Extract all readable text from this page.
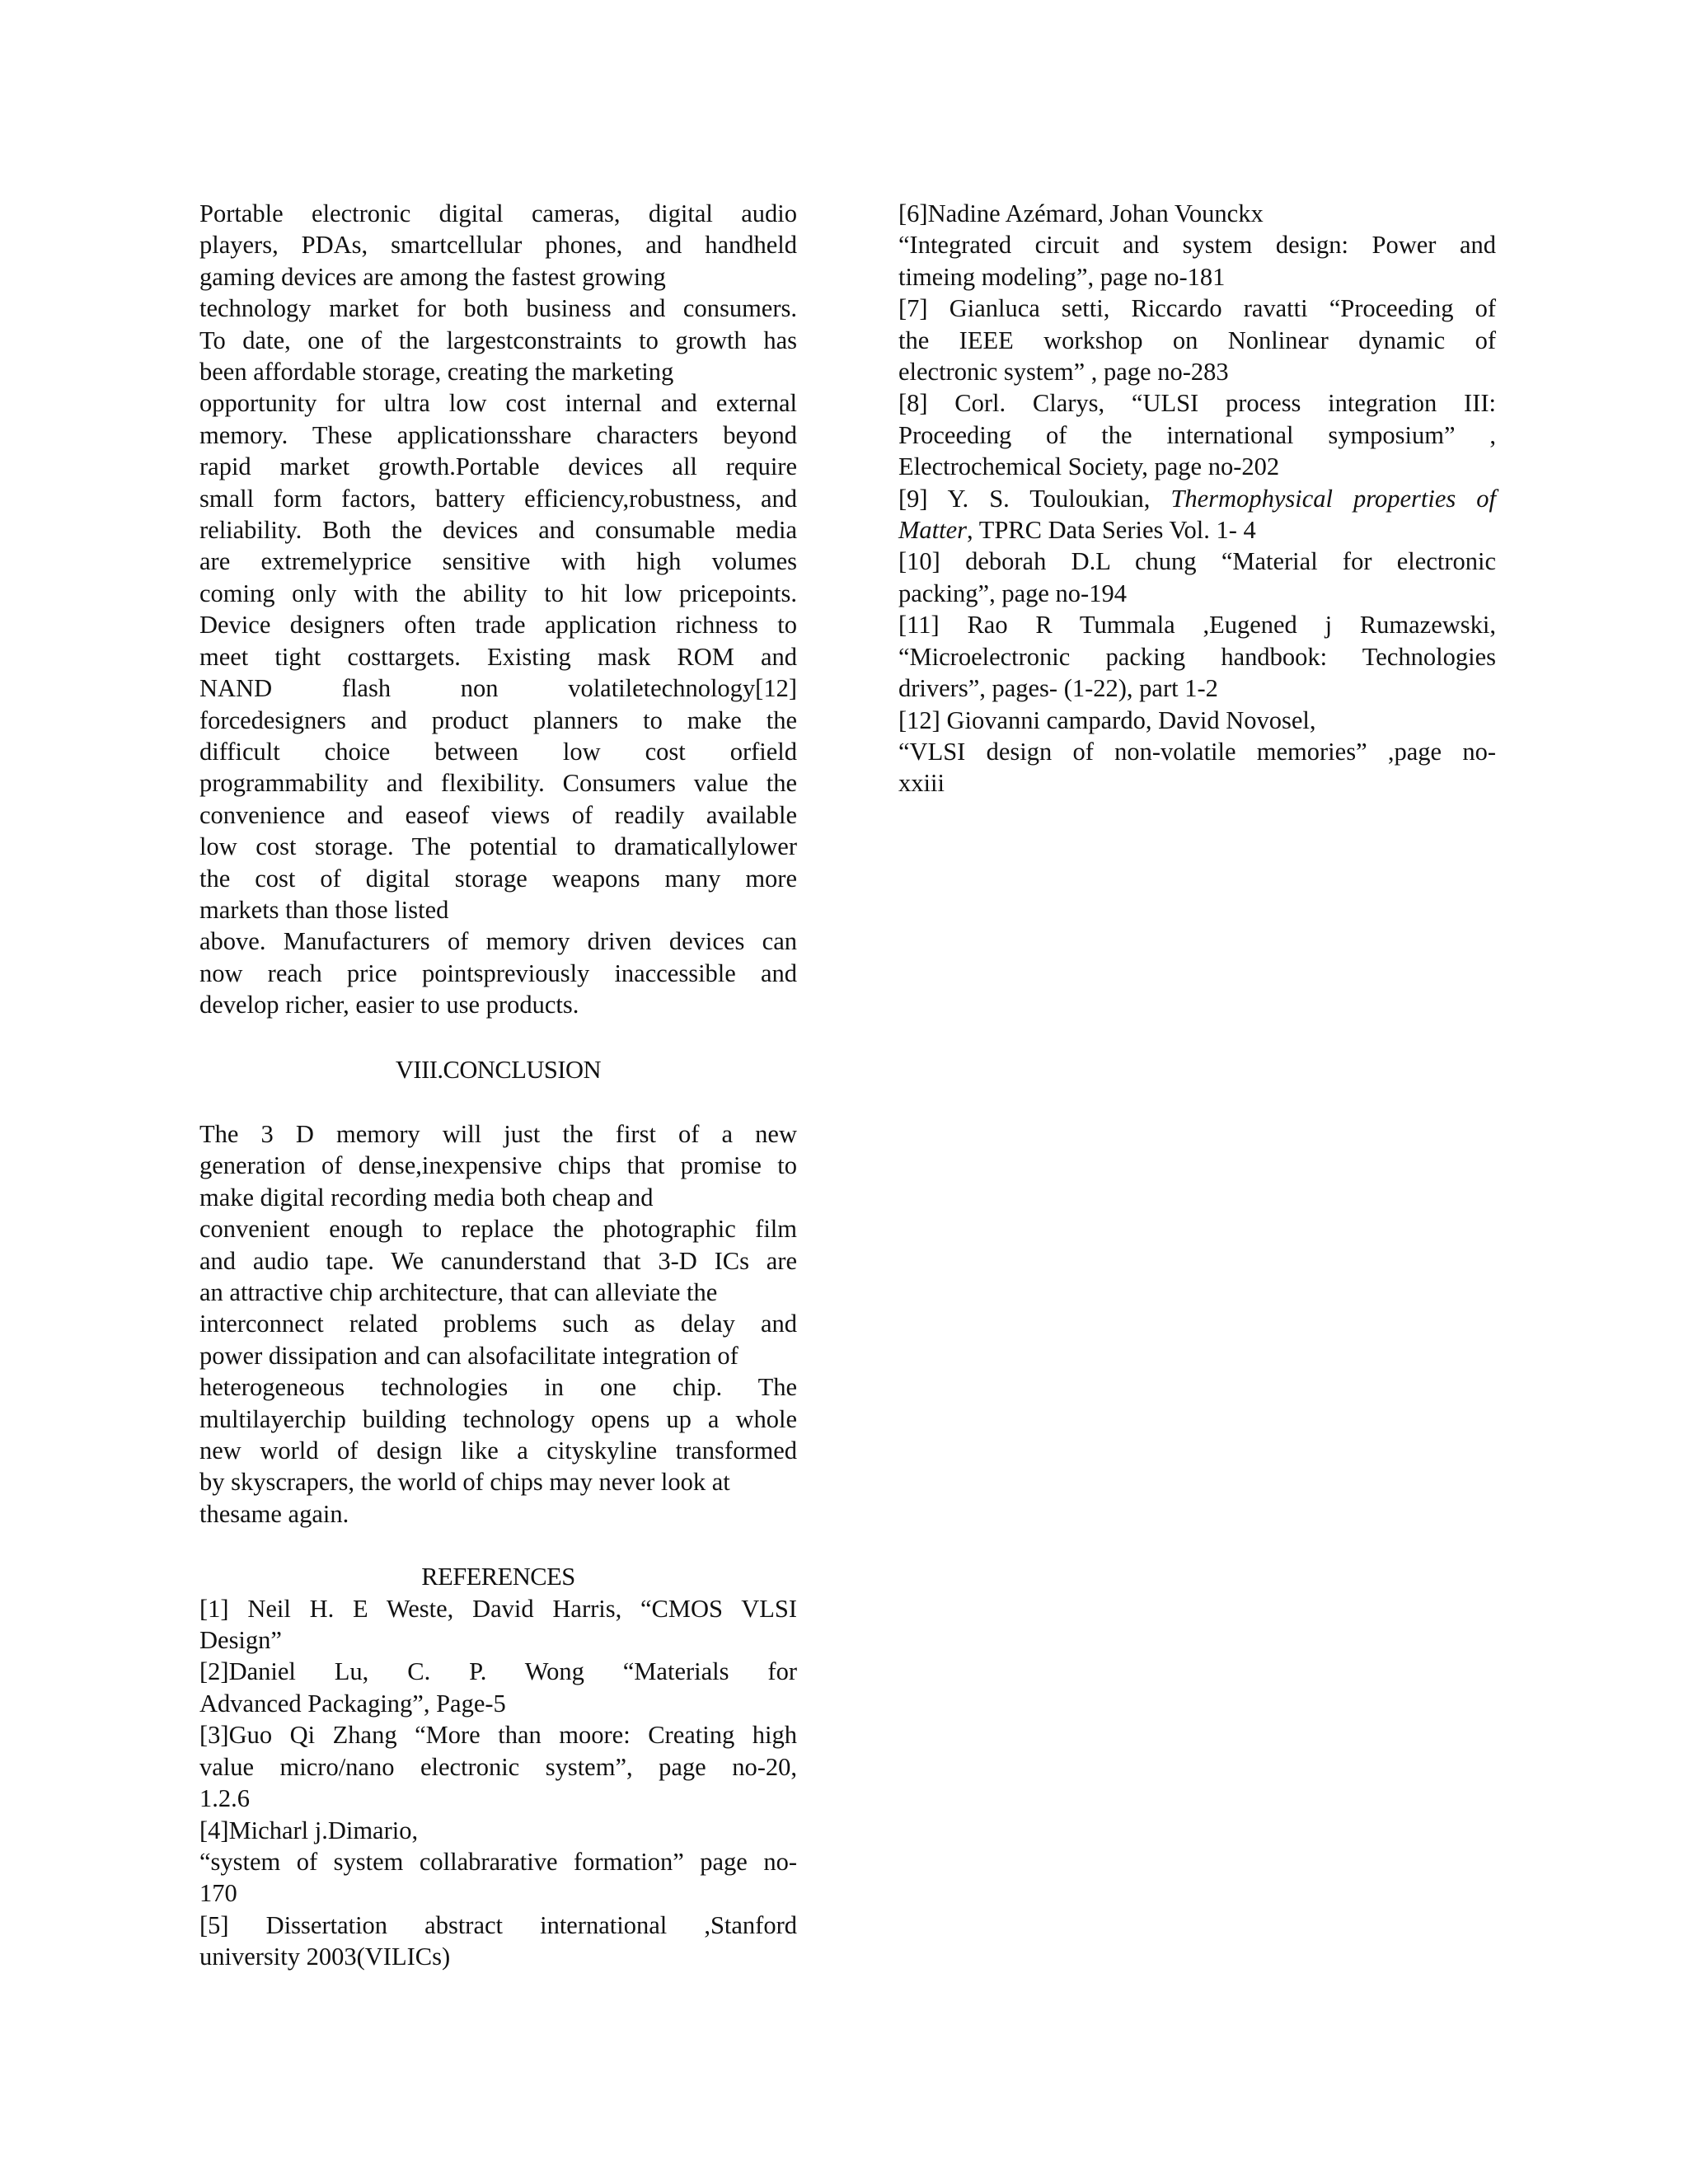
Portable electronic digital cameras, digital audio
players, PDAs, smartcellular phones, and handheld
gaming devices are among the fastest growing
technology market for both business and consumers.
To date, one of the largestconstraints to growth has
been affordable storage, creating the marketing
opportunity for ultra low cost internal and external
memory. These applicationsshare characters beyond
rapid market growth.Portable devices all require
small form factors, battery efficiency,robustness, and
reliability. Both the devices and consumable media
are extremelyprice sensitive with high volumes
coming only with the ability to hit low pricepoints.
Device designers often trade application richness to
meet tight costtargets. Existing mask ROM and
NAND flash non volatiletechnology[12]
forcedesigners and product planners to make the
difficult choice between low cost orfield
programmability and flexibility. Consumers value the
convenience and easeof views of readily available
low cost storage. The potential to dramaticallylower
the cost of digital storage weapons many more
markets than those listed
above. Manufacturers of memory driven devices can
now reach price pointspreviously inaccessible and
develop richer, easier to use products.
VIII.CONCLUSION
The 3 D memory will just the first of a new
generation of dense,inexpensive chips that promise to
make digital recording media both cheap and
convenient enough to replace the photographic film
and audio tape. We canunderstand that 3-D ICs are
an attractive chip architecture, that can alleviate the
interconnect related problems such as delay and
power dissipation and can alsofacilitate integration of
heterogeneous technologies in one chip. The
multilayerchip building technology opens up a whole
new world of design like a cityskyline transformed
by skyscrapers, the world of chips may never look at
thesame again.
REFERENCES
[1] Neil H. E Weste, David Harris, “CMOS VLSI
Design”
[2]Daniel Lu, C. P. Wong “Materials for
Advanced Packaging”, Page-5
[3]Guo Qi Zhang “More than moore: Creating high
value micro/nano electronic system”, page no-20,
1.2.6
[4]Micharl j.Dimario,
“system of system collabrarative formation” page no-
170
[5] Dissertation abstract international ,Stanford
university 2003(VILICs)
[6]Nadine Azémard, Johan Vounckx
“Integrated circuit and system design: Power and
timeing modeling”, page no-181
[7] Gianluca setti, Riccardo ravatti “Proceeding of
the IEEE workshop on Nonlinear dynamic of
electronic system” , page no-283
[8] Corl. Clarys, “ULSI process integration III:
Proceeding of the international symposium” ,
Electrochemical Society, page no-202
[9] Y. S. Touloukian, Thermophysical properties of
Matter, TPRC Data Series Vol. 1- 4
[10] deborah D.L chung “Material for electronic
packing”, page no-194
[11] Rao R Tummala ,Eugened j Rumazewski,
“Microelectronic packing handbook: Technologies
drivers”, pages- (1-22), part 1-2
[12] Giovanni campardo, David Novosel,
“VLSI design of non-volatile memories” ,page no-
xxiii
